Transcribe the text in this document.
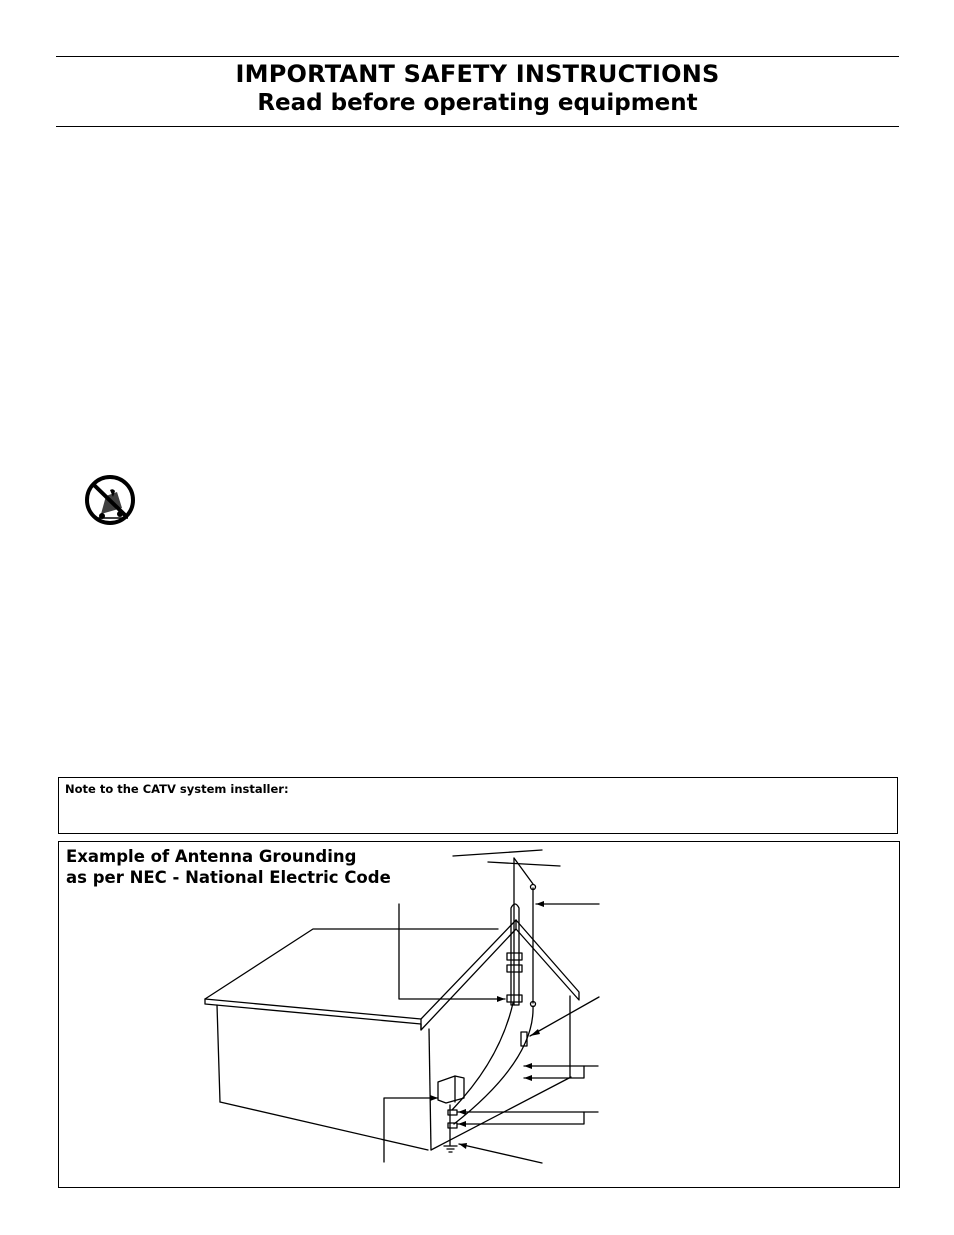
IMPORTANT SAFETY INSTRUCTIONS
Read before operating equipment
Note to the CATV system installer:
Example of Antenna Grounding
as per NEC - National Electric Code
